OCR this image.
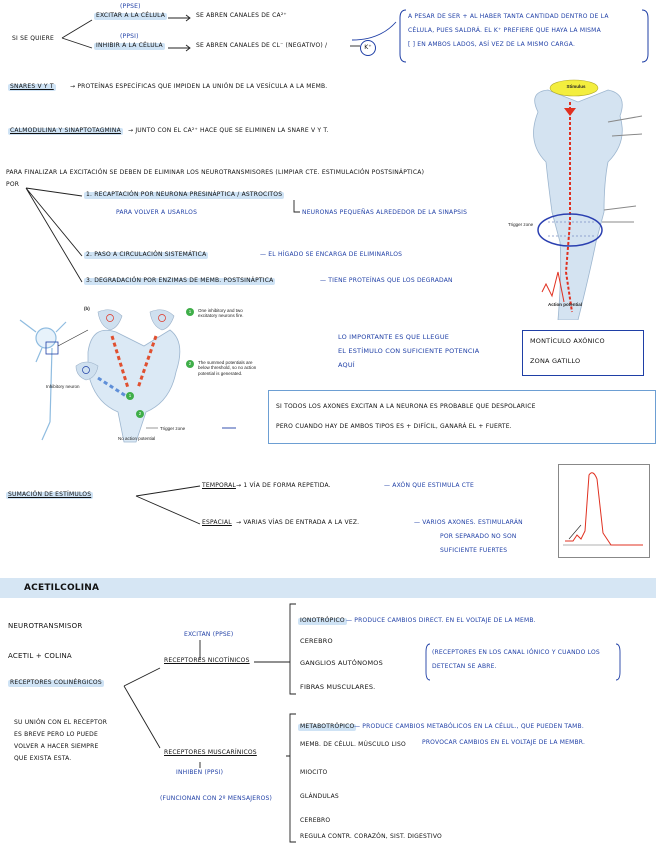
SI SE QUIERE
(PPSE)
EXCITAR A LA CÉLULA	SE ABREN CANALES DE CA²⁺
(PPSI)
INHIBIR A LA CÉLULA	SE ABREN CANALES DE CL⁻ (NEGATIVO) /	K⁺
A PESAR DE SER + AL HABER TANTA CANTIDAD DENTRO DE LA
CÉLULA, PUES SALDRÁ. EL K⁺ PREFIERE QUE HAYA LA MISMA
[ ] EN AMBOS LADOS, ASÍ VEZ DE LA MISMO CARGA.
SNARES V Y T	→ PROTEÍNAS ESPECÍFICAS QUE IMPIDEN LA UNIÓN DE LA VESÍCULA A LA MEMB.
CALMODULINA Y SINAPTOTAGMINA	→ JUNTO CON EL CA²⁺ HACE QUE SE ELIMINEN LA SNARE V Y T.
PARA FINALIZAR LA EXCITACIÓN SE DEBEN DE ELIMINAR LOS NEUROTRANSMISORES (LIMPIAR CTE. ESTIMULACIÓN POSTSINÁPTICA)
POR
1. RECAPTACIÓN POR NEURONA PRESINÁPTICA / ASTROCITOS
PARA VOLVER A USARLOS	NEURONAS PEQUEÑAS ALREDEDOR DE LA SINAPSIS
2. PASO A CIRCULACIÓN SISTEMÁTICA	— EL HÍGADO SE ENCARGA DE ELIMINARLOS
3. DEGRADACIÓN POR ENZIMAS DE MEMB. POSTSINÁPTICA	— TIENE PROTEÍNAS QUE LOS DEGRADAN
Stimulus
Trigger zone
Action potential
(b)
Inhibitory neuron
Trigger zone
No action potential
1
2
1	One inhibitory and two excitatory neurons fire.
2	The summed potentials are below threshold, so no action potential is generated.
LO IMPORTANTE ES QUE LLEGUE
EL ESTÍMULO CON SUFICIENTE POTENCIA
AQUÍ
MONTÍCULO AXÓNICO
ZONA GATILLO
SI TODOS LOS AXONES EXCITAN A LA NEURONA ES PROBABLE QUE DESPOLARICE
PERO CUANDO HAY DE AMBOS TIPOS ES + DIFÍCIL, GANARÁ EL + FUERTE.
SUMACIÓN DE ESTÍMULOS
TEMPORAL → 1 VÍA DE FORMA REPETIDA.	— AXÓN QUE ESTIMULA CTE
ESPACIAL → VARIAS VÍAS DE ENTRADA A LA VEZ.	— VARIOS AXONES. ESTIMULARÁN
POR SEPARADO NO SON
SUFICIENTE FUERTES
ACETILCOLINA
NEUROTRANSMISOR
ACETIL + COLINA
RECEPTORES COLINÉRGICOS
SU UNIÓN CON EL RECEPTOR
ES BREVE PERO LO PUEDE
VOLVER A HACER SIEMPRE
QUE EXISTA ESTA.
EXCITAN (PPSE)
RECEPTORES NICOTÍNICOS
IONOTRÓPICO — PRODUCE CAMBIOS DIRECT. EN EL VOLTAJE DE LA MEMB.
CEREBRO
GANGLIOS AUTÓNOMOS
FIBRAS MUSCULARES.
(RECEPTORES EN LOS CANAL IÓNICO Y CUANDO LOS
DETECTAN SE ABRE.
RECEPTORES MUSCARÍNICOS
INHIBEN (PPSI)
(FUNCIONAN CON 2º MENSAJEROS)
METABOTRÓPICO — PRODUCE CAMBIOS METABÓLICOS EN LA CÉLUL., QUE PUEDEN TAMB.
PROVOCAR CAMBIOS EN EL VOLTAJE DE LA MEMBR.
MEMB. DE CÉLUL. MÚSCULO LISO
MIOCITO
GLÁNDULAS
CEREBRO
REGULA CONTR. CORAZÓN, SIST. DIGESTIVO
